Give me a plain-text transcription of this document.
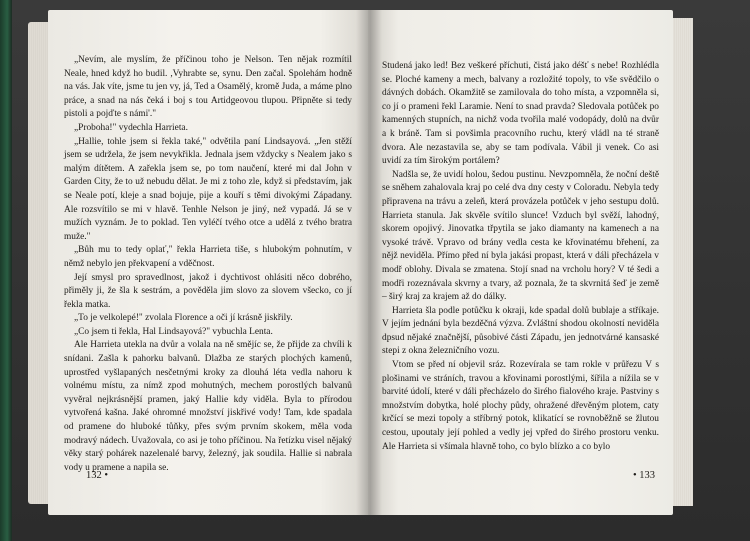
„Nevím, ale myslím, že příčinou toho je Nelson. Ten nějak rozmítil Neale, hned když ho budil. ,Vyhrabte se, synu. Den začal. Spolehám hodně na vás. Jak víte, jsme tu jen vy, já, Ted a Osamělý, kromě Juda, a máme plno práce, a snad na nás čeká i boj s tou Artidgeovou tlupou. Připněte si tedy pistoli a pojďte s námi'."

„Proboha!" vydechla Harrieta.

„Hallie, tohle jsem si řekla také," odvětila paní Lindsayová. „Jen stěží jsem se udržela, že jsem nevykřikla. Jednala jsem vždycky s Nealem jako s malým dítětem. A zařekla jsem se, po tom naučení, které mi dal John v Garden City, že to už nebudu dělat. Je mi z toho zle, když si představím, jak se Neale potí, kleje a snad bojuje, pije a kouří s těmi divokými Západany. Ale rozsvítilo se mi v hlavě. Tenhle Nelson je jiný, než vypadá. Já se v mužích vyznám. Je to poklad. Ten vyléčí tvého otce a udělá z tvého bratra muže."

„Bůh mu to tedy oplať," řekla Harrieta tiše, s hlubokým pohnutím, v němž nebylo jen překvapení a vděčnost.

Její smysl pro spravedlnost, jakož i dychtivost ohlásiti něco dobrého, přiměly ji, že šla k sestrám, a pověděla jim slovo za slovem všecko, co jí řekla matka.

„To je velkolepé!" zvolala Florence a oči jí krásně jiskřily.

„Co jsem ti řekla, Hal Lindsayová?" vybuchla Lenta.

Ale Harrieta utekla na dvůr a volala na ně smějíc se, že přijde za chvíli k snídani. Zašla k pahorku balvanů. Dlažba ze starých plochých kamenů, uprostřed vyšlapaných nesčetnými kroky za dlouhá léta vedla nahoru k volnému místu, za nímž zpod mohutných, mechem porostlých balvanů vyvěral nejkrásnější pramen, jaký Hallie kdy viděla. Byla to přírodou vytvořená kašna. Jaké ohromné množství jiskřivé vody! Tam, kde spadala od pramene do hluboké tůňky, přes svým prvním skokem, měla voda modravý nádech. Uvažovala, co asi je toho příčinou. Na řetízku visel nějaký věky starý pohárek nazelenalé barvy, železný, jak soudila. Hallie si nabrala vody u pramene a napila se.

132 •

Studená jako led! Bez veškeré příchuti, čistá jako déšť s nebe! Rozhlédla se. Ploché kameny a mech, balvany a rozložité topoly, to vše svědčilo o dávných dobách. Okamžitě se zamilovala do toho místa, a vzpomněla si, co jí o prameni řekl Laramie. Není to snad pravda? Sledovala potůček po kamenných stupních, na nichž voda tvořila malé vodopády, dolů na dvůr a k bráně. Tam si povšimla pracovního ruchu, který vládl na té straně dvora. Ale nezastavila se, aby se tam podívala. Vábil ji venek. Co asi uvidí za tím širokým portálem?

Nadšla se, že uvidí holou, šedou pustinu. Nevzpomněla, že noční deště se sněhem zahalovala kraj po celé dva dny cesty v Coloradu. Nebyla tedy připravena na trávu a zeleň, která provázela potůček v jeho sestupu dolů. Harrieta stanula. Jak skvěle svítilo slunce! Vzduch byl svěží, lahodný, skorem opojivý. Jinovatka třpytila se jako diamanty na kamenech a na vysoké trávě. Vpravo od brány vedla cesta ke křovinatému břehení, za nějž neviděla. Přímo před ní byla jakási propast, která v dáli přecházela v modř oblohy. Divala se zmatena. Stojí snad na vrcholu hory? V té šedi a modři rozeznávala skvrny a tvary, až poznala, že ta skvrnitá šeď je země – širý kraj za krajem až do dálky.

Harrieta šla podle potůčku k okraji, kde spadal dolů bublaje a stříkaje. V jejím jednání byla bezděčná výzva. Zvláštní shodou okolností neviděla dpsud nějaké značnější, působivé části Západu, jen jednotvárné kansaské stepi z okna železničního vozu.

Vtom se před ní objevil sráz. Rozevírala se tam rokle v průřezu V s plošinami ve stráních, travou a křovinami porostlými, šířila a nížila se v barvité údolí, které v dáli přecházelo do širého fialového kraje. Pastviny s množstvím dobytka, holé plochy půdy, ohražené dřevěným plotem, caty krčící se mezi topoly a stříbrný potok, klikatící se rovnoběžně se žlutou cestou, upoutaly její pohled a vedly jej vpřed do širého prostoru venku. Ale Harrieta si všímala hlavně toho, co bylo blízko a co bylo

• 133
